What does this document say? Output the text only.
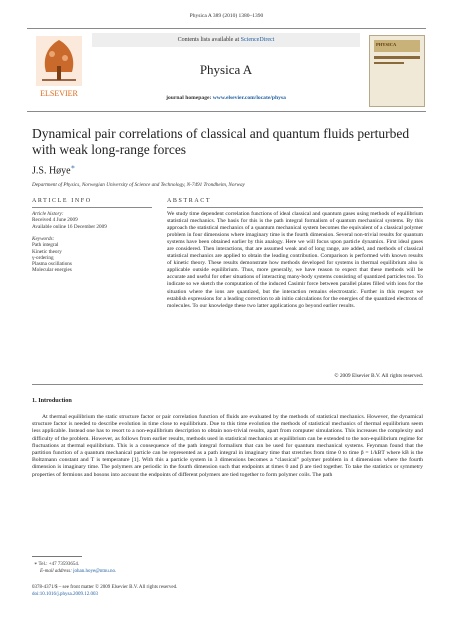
Physica A 389 (2010) 1380–1390
ELSEVIER
Contents lists available at ScienceDirect
Physica A
journal homepage: www.elsevier.com/locate/physa
PHYSICA
Dynamical pair correlations of classical and quantum fluids perturbed with weak long-range forces
J.S. Høye∗
Department of Physics, Norwegian University of Science and Technology, N-7491 Trondheim, Norway
ARTICLE INFO	ABSTRACT
Article history:
Received 4 June 2009
Available online 16 December 2009
Keywords:
Path integral
Kinetic theory
γ-ordering
Plasma oscillations
Molecular energies
We study time dependent correlation functions of ideal classical and quantum gases using methods of equilibrium statistical mechanics. The basis for this is the path integral formalism of quantum mechanical systems. By this approach the statistical mechanics of a quantum mechanical system becomes the equivalent of a classical polymer problem in four dimensions where imaginary time is the fourth dimension. Several non-trivial results for quantum systems have been obtained earlier by this analogy. Here we will focus upon particle dynamics. First ideal gases are considered. Then interactions, that are assumed weak and of long range, are added, and methods of classical statistical mechanics are applied to obtain the leading contribution. Comparison is performed with known results of kinetic theory. These results demonstrate how methods developed for systems in thermal equilibrium also is applicable outside equilibrium. Thus, more generally, we have reason to expect that these methods will be accurate and useful for other situations of interacting many-body systems consisting of quantized particles too. To indicate so we sketch the computation of the induced Casimir force between parallel plates filled with ions for the situation where the ions are quantized, but the interaction remains electrostatic. Further in this respect we establish expressions for a leading correction to ab initio calculations for the energies of the quantized electrons of molecules. To our knowledge these two latter applications go beyond earlier results.
© 2009 Elsevier B.V. All rights reserved.
1. Introduction
At thermal equilibrium the static structure factor or pair correlation function of fluids are evaluated by the methods of statistical mechanics. However, the dynamical structure factor is needed to describe evolution in time close to equilibrium. Due to this time evolution the methods of statistical mechanics of thermal equilibrium seem less applicable. Instead one has to resort to a non-equilibrium description to obtain non-trivial results, apart from computer simulations. This increases the complexity and difficulty of the problem. However, as follows from earlier results, methods used in statistical mechanics at equilibrium can be extended to the non-equilibrium regime for fluctuations at thermal equilibrium. This is a consequence of the path integral formalism that can be used for quantum mechanical systems. Feynman found that the partition function of a quantum mechanical particle can be represented as a path integral in imaginary time that stretches from time 0 to time β = 1/kBT where kB is the Boltzmann constant and T is temperature [1]. With this a particle system in 3 dimensions becomes a “classical” polymer problem in 4 dimensions where the fourth dimension is imaginary time. The polymers are periodic in the fourth dimension such that endpoints at times 0 and β are tied together. To take the statistics or symmetry properties of fermions and bosons into account the endpoints of different polymers are tied together to form polymer coils. The path
∗ Tel.: +47 73593654.
E-mail address: johan.hoye@ntnu.no.
0378-4371/$ – see front matter © 2009 Elsevier B.V. All rights reserved.
doi:10.1016/j.physa.2009.12.003
